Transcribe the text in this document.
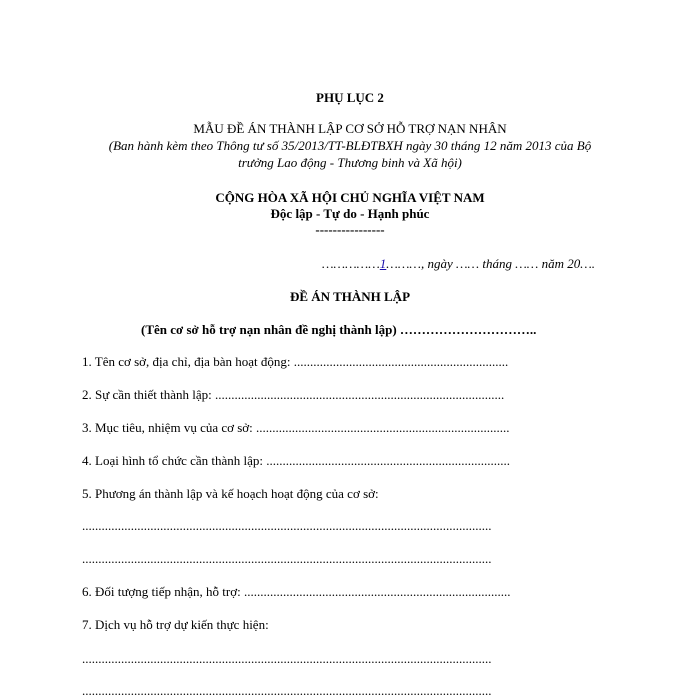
PHỤ LỤC 2
MẪU ĐỀ ÁN THÀNH LẬP CƠ SỞ HỖ TRỢ NẠN NHÂN
(Ban hành kèm theo Thông tư số 35/2013/TT-BLĐTBXH ngày 30 tháng 12 năm 2013 của Bộ
trưởng Lao động - Thương binh và Xã hội)
CỘNG HÒA XÃ HỘI CHỦ NGHĨA VIỆT NAM
Độc lập - Tự do - Hạnh phúc
----------------
……………1………, ngày …… tháng …… năm 20….
ĐỀ ÁN THÀNH LẬP
(Tên cơ sở hỗ trợ nạn nhân đề nghị thành lập) …………………………..
1. Tên cơ sở, địa chỉ, địa bàn hoạt động: ..................................................................
2. Sự cần thiết thành lập: .........................................................................................
3. Mục tiêu, nhiệm vụ của cơ sở: ..............................................................................
4. Loại hình tổ chức cần thành lập: ...........................................................................
5. Phương án thành lập và kế hoạch hoạt động của cơ sở:
..............................................................................................................................
..............................................................................................................................
6. Đối tượng tiếp nhận, hỗ trợ: ..................................................................................
7. Dịch vụ hỗ trợ dự kiến thực hiện:
..............................................................................................................................
..............................................................................................................................
